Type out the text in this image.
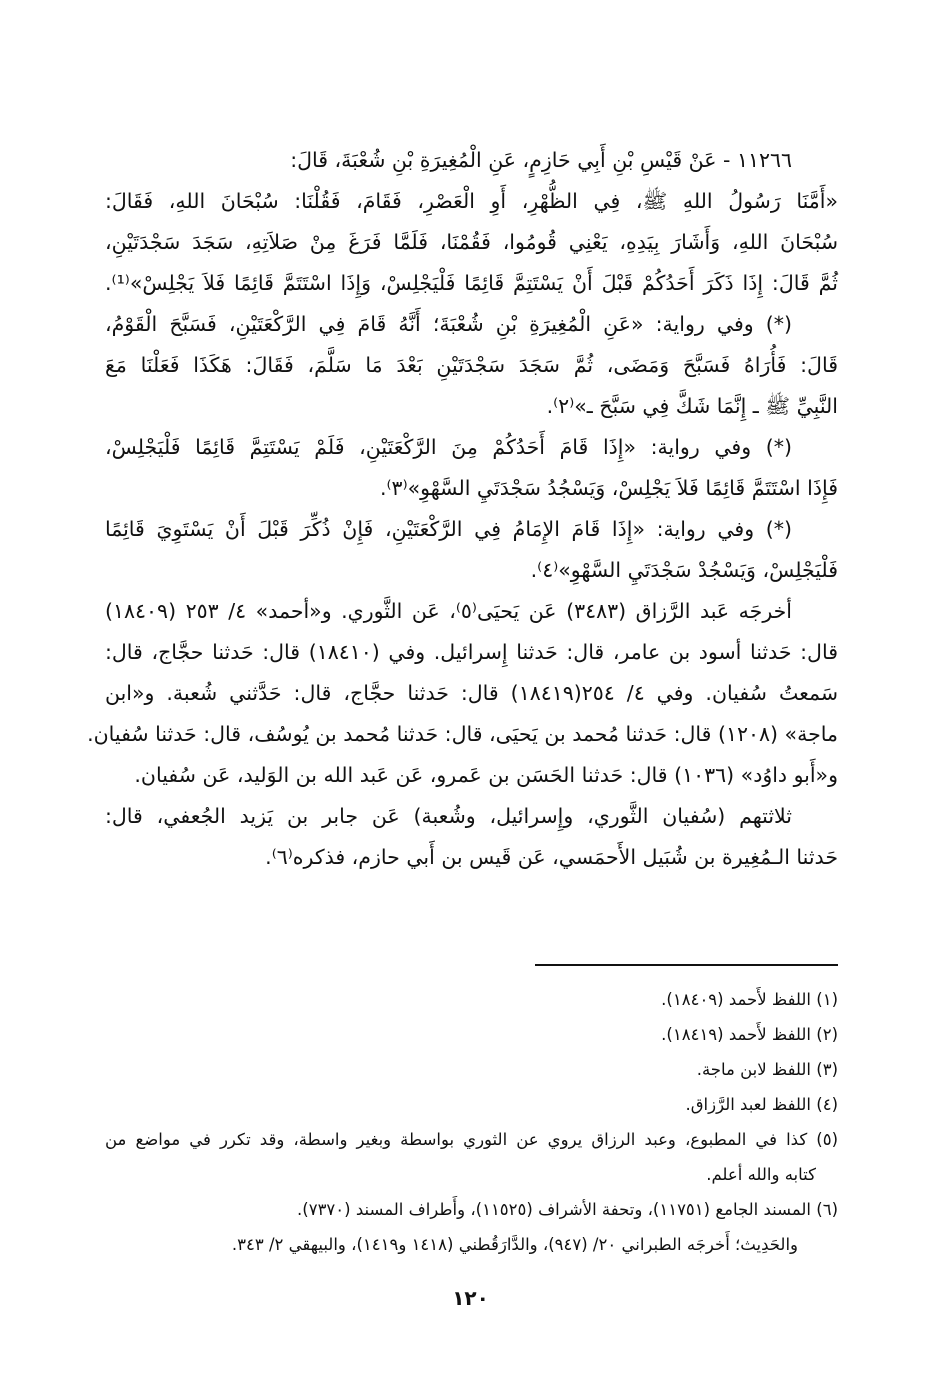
١١٢٦٦ - عَنْ قَيْسِ بْنِ أَبِي حَازِمٍ، عَنِ الْمُغِيرَةِ بْنِ شُعْبَةَ، قَالَ:
«أَمَّنَا رَسُولُ اللهِ ﷺ، فِي الظُّهْرِ، أَوِ الْعَصْرِ، فَقَامَ، فَقُلْنَا: سُبْحَانَ اللهِ، فَقَالَ:
سُبْحَانَ اللهِ، وَأَشَارَ بِيَدِهِ، يَعْنِي قُومُوا، فَقُمْنَا، فَلَمَّا فَرَغَ مِنْ صَلاَتِهِ، سَجَدَ سَجْدَتَيْنِ،
ثُمَّ قَالَ: إِذَا ذَكَرَ أَحَدُكُمْ قَبْلَ أَنْ يَسْتَتِمَّ قَائِمًا فَلْيَجْلِسْ، وَإِذَا اسْتَتَمَّ قَائِمًا فَلاَ يَجْلِسْ»⁽¹⁾.
(*) وفي رواية: «عَنِ الْمُغِيرَةِ بْنِ شُعْبَةَ؛ أَنَّهُ قَامَ فِي الرَّكْعَتَيْنِ، فَسَبَّحَ الْقَوْمُ،
قَالَ: فَأُرَاهُ فَسَبَّحَ وَمَضَى، ثُمَّ سَجَدَ سَجْدَتَيْنِ بَعْدَ مَا سَلَّمَ، فَقَالَ: هَكَذَا فَعَلْنَا مَعَ
النَّبِيِّ ﷺ ـ إِنَّمَا شَكَّ فِي سَبَّحَ ـ»⁽٢⁾.
(*) وفي رواية: «إِذَا قَامَ أَحَدُكُمْ مِنَ الرَّكْعَتَيْنِ، فَلَمْ يَسْتَتِمَّ قَائِمًا فَلْيَجْلِسْ،
فَإِذَا اسْتَتَمَّ قَائِمًا فَلاَ يَجْلِسْ، وَيَسْجُدُ سَجْدَتَيِ السَّهْوِ»⁽٣⁾.
(*) وفي رواية: «إِذَا قَامَ الإِمَامُ فِي الرَّكْعَتَيْنِ، فَإِنْ ذُكِّرَ قَبْلَ أَنْ يَسْتَوِيَ قَائِمًا
فَلْيَجْلِسْ، وَيَسْجُدْ سَجْدَتَيِ السَّهْوِ»⁽٤⁾.
أخرجَه عَبد الرَّزاق (٣٤٨٣) عَن يَحيَى⁽٥⁾، عَن الثَّوري. و«أحمد» ٤/ ٢٥٣ (١٨٤٠٩)
قال: حَدثنا أسود بن عامر، قال: حَدثنا إِسرائيل. وفي (١٨٤١٠) قال: حَدثنا حجَّاج، قال:
سَمعتُ سُفيان. وفي ٤/ ٢٥٤(١٨٤١٩) قال: حَدثنا حجَّاج، قال: حَدَّثني شُعبة. و«ابن
ماجة» (١٢٠٨) قال: حَدثنا مُحمد بن يَحيَى، قال: حَدثنا مُحمد بن يُوسُف، قال: حَدثنا سُفيان.
و«أَبو داوُد» (١٠٣٦) قال: حَدثنا الحَسَن بن عَمرو، عَن عَبد الله بن الوَليد، عَن سُفيان.
ثلاثتهم (سُفيان الثَّوري، وإِسرائيل، وشُعبة) عَن جابر بن يَزيد الجُعفي، قال:
حَدثنا الـمُغِيرة بن شُبَيل الأَحمَسي، عَن قَيس بن أَبي حازم، فذكره⁽٦⁾.
(١) اللفظ لأَحمد (١٨٤٠٩).
(٢) اللفظ لأَحمد (١٨٤١٩).
(٣) اللفظ لابن ماجة.
(٤) اللفظ لعبد الرَّزاق.
(٥) كذا في المطبوع، وعبد الرزاق يروي عن الثوري بواسطة وبغير واسطة، وقد تكرر في مواضع من
كتابه والله أعلم.
(٦) المسند الجامع (١١٧٥١)، وتحفة الأشراف (١١٥٢٥)، وأَطراف المسند (٧٣٧٠).
والحَدِيث؛ أَخرجَه الطبراني ٢٠/ (٩٤٧)، والدَّارَقُطني (١٤١٨ و١٤١٩)، والبيهقي ٢/ ٣٤٣.
١٢٠
